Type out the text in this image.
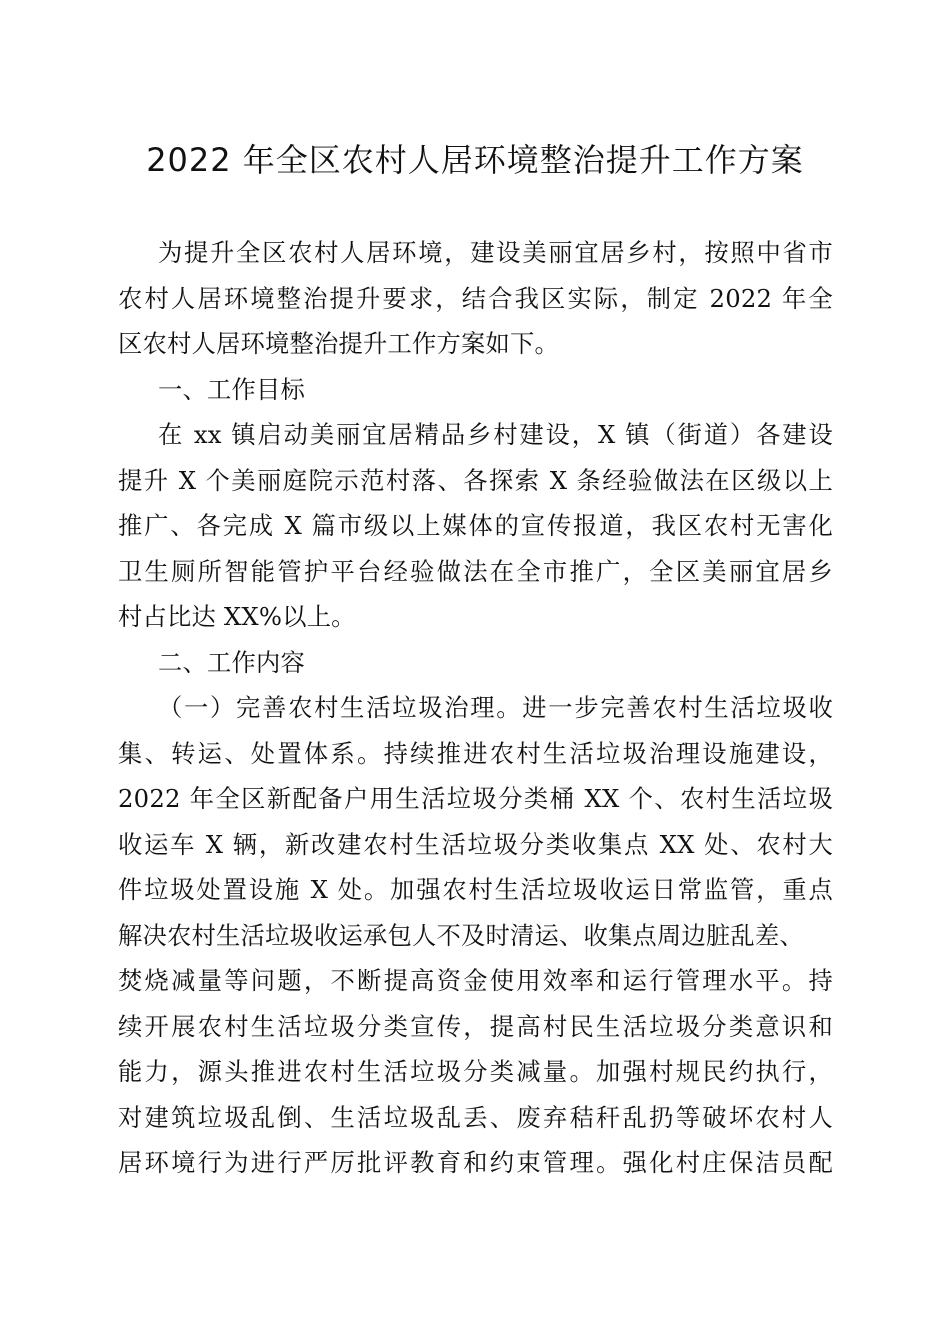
2022 年全区农村人居环境整治提升工作方案
为提升全区农村人居环境，建设美丽宜居乡村，按照中省市
农村人居环境整治提升要求，结合我区实际，制定 2022 年全
区农村人居环境整治提升工作方案如下。
一、工作目标
在 xx 镇启动美丽宜居精品乡村建设，X 镇（街道）各建设
提升 X 个美丽庭院示范村落、各探索 X 条经验做法在区级以上
推广、各完成 X 篇市级以上媒体的宣传报道，我区农村无害化
卫生厕所智能管护平台经验做法在全市推广，全区美丽宜居乡
村占比达 XX%以上。
二、工作内容
（一）完善农村生活垃圾治理。进一步完善农村生活垃圾收
集、转运、处置体系。持续推进农村生活垃圾治理设施建设，
2022 年全区新配备户用生活垃圾分类桶 XX 个、农村生活垃圾
收运车 X 辆，新改建农村生活垃圾分类收集点 XX 处、农村大
件垃圾处置设施 X 处。加强农村生活垃圾收运日常监管，重点
解决农村生活垃圾收运承包人不及时清运、收集点周边脏乱差、
焚烧减量等问题，不断提高资金使用效率和运行管理水平。持
续开展农村生活垃圾分类宣传，提高村民生活垃圾分类意识和
能力，源头推进农村生活垃圾分类减量。加强村规民约执行，
对建筑垃圾乱倒、生活垃圾乱丢、废弃秸秆乱扔等破坏农村人
居环境行为进行严厉批评教育和约束管理。强化村庄保洁员配
